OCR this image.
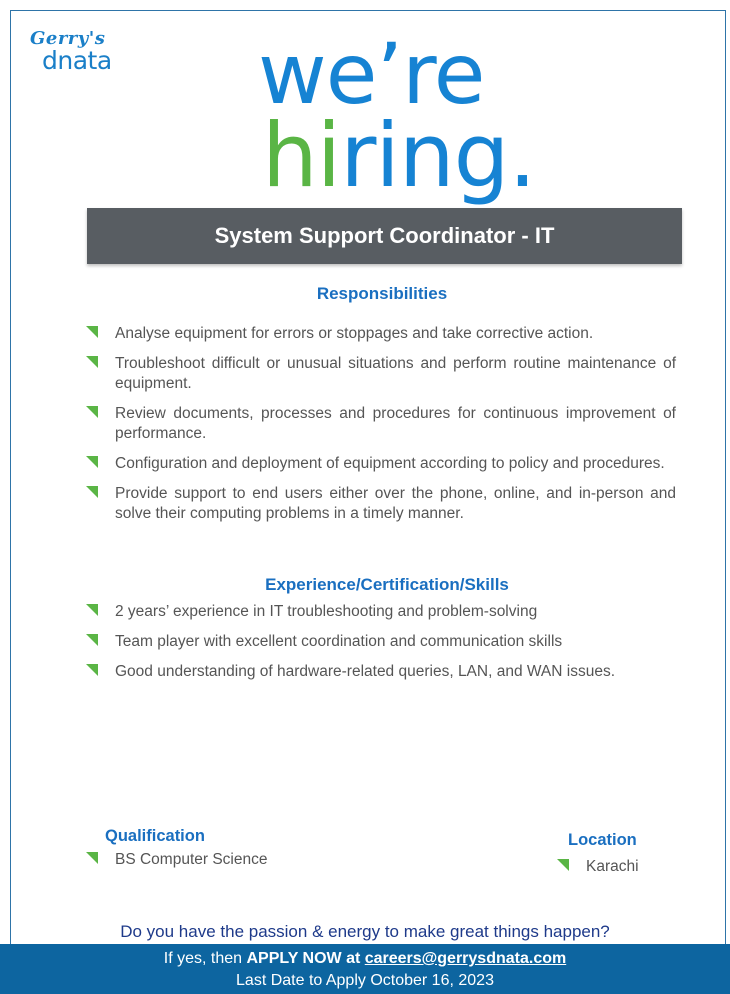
Gerry's
dnata	we’re
hiring.
System Support Coordinator - IT
Responsibilities
Analyse equipment for errors or stoppages and take corrective action.
Troubleshoot difficult or unusual situations and perform routine maintenance of equipment.
Review documents, processes and procedures for continuous improvement of performance.
Configuration and deployment of equipment according to policy and procedures.
Provide support to end users either over the phone, online, and in-person and solve their computing problems in a timely manner.
Experience/Certification/Skills
2 years’ experience in IT troubleshooting and problem-solving
Team player with excellent coordination and communication skills
Good understanding of hardware-related queries, LAN, and WAN issues.
Qualification
BS Computer Science
Location
Karachi
Do you have the passion & energy to make great things happen?
If yes, then APPLY NOW at careers@gerrysdnata.com
Last Date to Apply October 16, 2023
